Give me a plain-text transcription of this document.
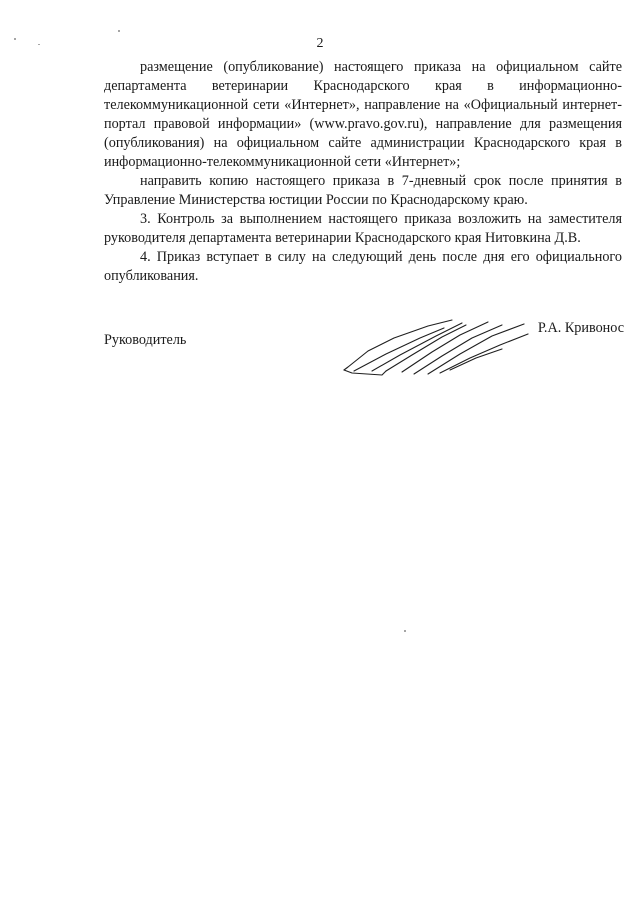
2

размещение (опубликование) настоящего приказа на официальном сайте департамента ветеринарии Краснодарского края в информационно-телекоммуникационной сети «Интернет», направление на «Официальный интернет-портал правовой информации» (www.pravo.gov.ru), направление для размещения (опубликования) на официальном сайте администрации Краснодарского края в информационно-телекоммуникационной сети «Интернет»;

направить копию настоящего приказа в 7-дневный срок после принятия в Управление Министерства юстиции России по Краснодарскому краю.

3. Контроль за выполнением настоящего приказа возложить на заместителя руководителя департамента ветеринарии Краснодарского края Нитовкина Д.В.

4. Приказ вступает в силу на следующий день после дня его официального опубликования.

Руководитель
Р.А. Кривонос
